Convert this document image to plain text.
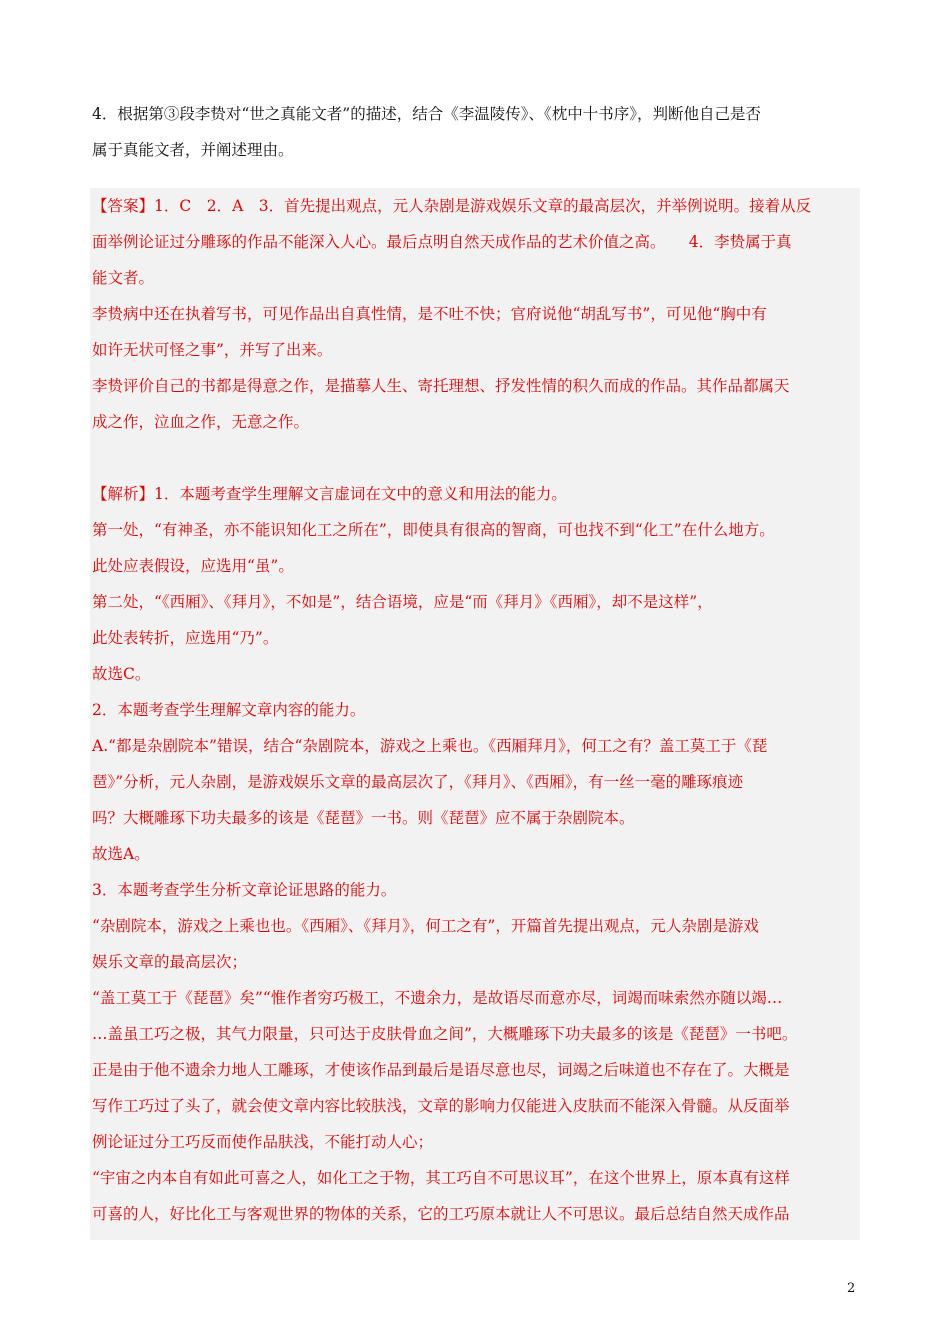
4．根据第③段李贽对“世之真能文者”的描述，结合《李温陵传》、《枕中十书序》，判断他自己是否

属于真能文者，并阐述理由。

【答案】1．C　2．A　3．首先提出观点，元人杂剧是游戏娱乐文章的最高层次，并举例说明。接着从反

面举例论证过分雕琢的作品不能深入人心。最后点明自然天成作品的艺术价值之高。　　4．李贽属于真

能文者。

李贽病中还在执着写书，可见作品出自真性情，是不吐不快；官府说他“胡乱写书”，可见他“胸中有

如许无状可怪之事”，并写了出来。

李贽评价自己的书都是得意之作，是描摹人生、寄托理想、抒发性情的积久而成的作品。其作品都属天

成之作，泣血之作，无意之作。

【解析】1．本题考查学生理解文言虚词在文中的意义和用法的能力。

第一处，“有神圣，亦不能识知化工之所在”，即使具有很高的智商，可也找不到“化工”在什么地方。

此处应表假设，应选用“虽”。

第二处，“《西厢》、《拜月》，不如是”，结合语境，应是“而《拜月》《西厢》，却不是这样”，

此处表转折，应选用“乃”。

故选C。

2．本题考查学生理解文章内容的能力。

A.“都是杂剧院本”错误，结合“杂剧院本，游戏之上乘也。《西厢拜月》，何工之有？盖工莫工于《琵

琶》”分析，元人杂剧，是游戏娱乐文章的最高层次了，《拜月》、《西厢》，有一丝一毫的雕琢痕迹

吗？大概雕琢下功夫最多的该是《琵琶》一书。则《琵琶》应不属于杂剧院本。

故选A。

3．本题考查学生分析文章论证思路的能力。

“杂剧院本，游戏之上乘也也。《西厢》、《拜月》，何工之有”，开篇首先提出观点，元人杂剧是游戏

娱乐文章的最高层次；

“盖工莫工于《琵琶》矣”“惟作者穷巧极工，不遗余力，是故语尽而意亦尽，词竭而味索然亦随以竭…

…盖虽工巧之极，其气力限量，只可达于皮肤骨血之间”，大概雕琢下功夫最多的该是《琵琶》一书吧。

正是由于他不遗余力地人工雕琢，才使该作品到最后是语尽意也尽，词竭之后味道也不存在了。大概是

写作工巧过了头了，就会使文章内容比较肤浅，文章的影响力仅能进入皮肤而不能深入骨髓。从反面举

例论证过分工巧反而使作品肤浅，不能打动人心；

“宇宙之内本自有如此可喜之人，如化工之于物，其工巧自不可思议耳”，在这个世界上，原本真有这样

可喜的人，好比化工与客观世界的物体的关系，它的工巧原本就让人不可思议。最后总结自然天成作品

2
